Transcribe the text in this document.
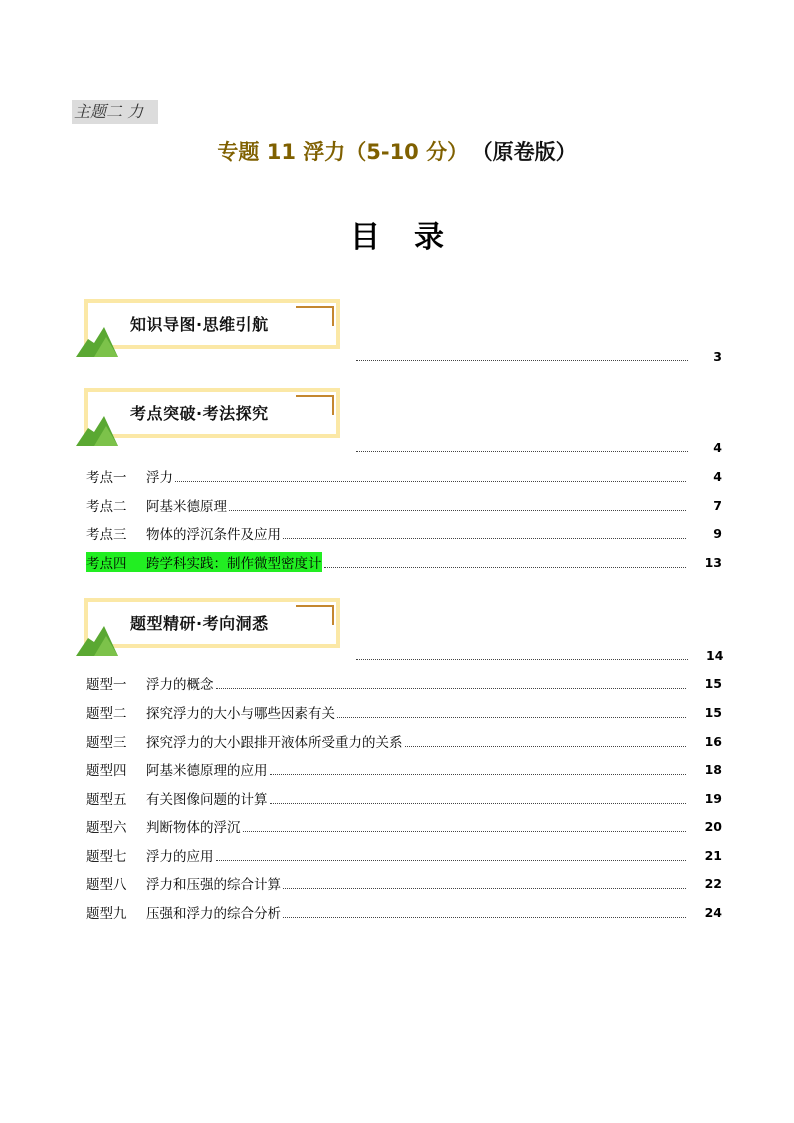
主题二 力
专题 11 浮力（5-10 分） （原卷版）
目录
知识导图·思维引航
3
考点突破·考法探究
4
考点一	浮力	4
考点二	阿基米德原理	7
考点三	物体的浮沉条件及应用	9
考点四	跨学科实践：制作微型密度计	13
题型精研·考向洞悉
14
题型一	浮力的概念	15
题型二	探究浮力的大小与哪些因素有关	15
题型三	探究浮力的大小跟排开液体所受重力的关系	16
题型四	阿基米德原理的应用	18
题型五	有关图像问题的计算	19
题型六	判断物体的浮沉	20
题型七	浮力的应用	21
题型八	浮力和压强的综合计算	22
题型九	压强和浮力的综合分析	24
